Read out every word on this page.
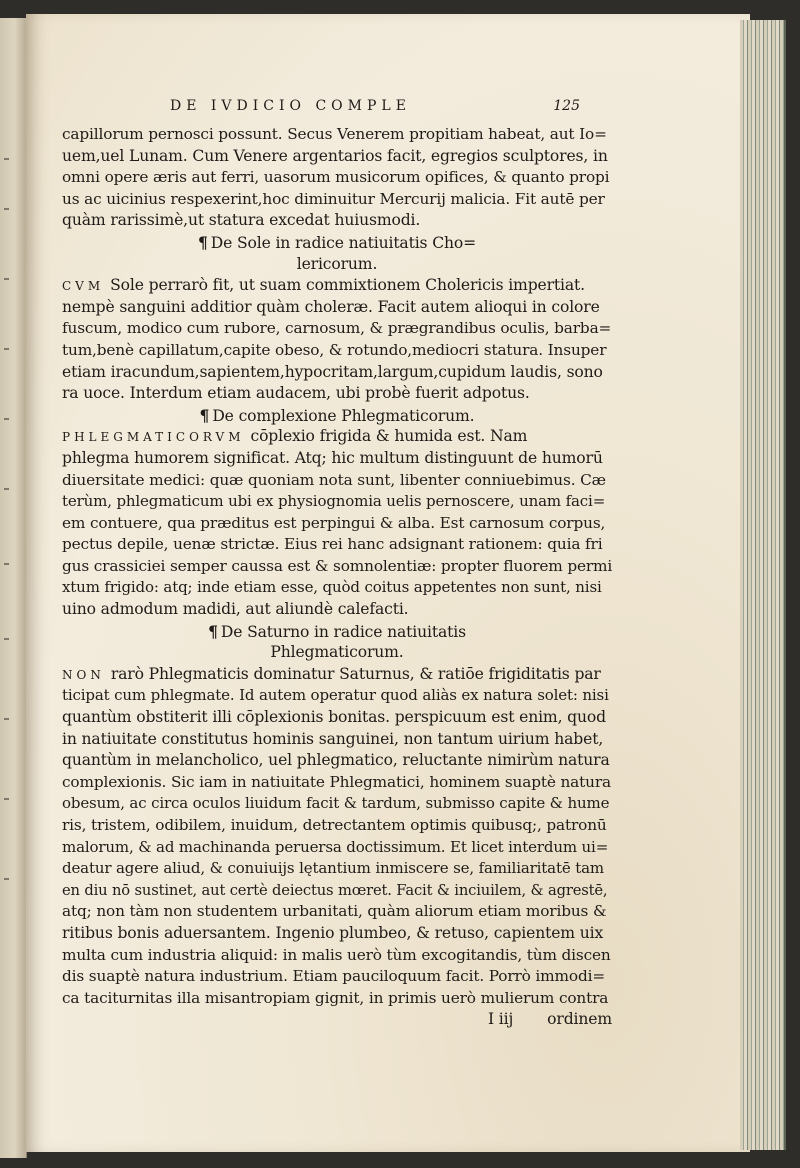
DE IVDICIO COMPLE	125
capillorum pernosci possunt. Secus Venerem propitiam habeat, aut Io=
uem,uel Lunam. Cum Venere argentarios facit, egregios sculptores, in
omni opere æris aut ferri, uasorum musicorum opifices, & quanto propi
us ac uicinius respexerint,hoc diminuitur Mercurij malicia. Fit autē per
quàm rarissimè,ut statura excedat huiusmodi.
¶ De Sole in radice natiuitatis Cho=
lericorum.
CVM Sole perrarò fit, ut suam commixtionem Cholericis impertiat.
nempè sanguini additior quàm choleræ. Facit autem alioqui in colore
fuscum, modico cum rubore, carnosum, & prægrandibus oculis, barba=
tum,benè capillatum,capite obeso, & rotundo,mediocri statura. Insuper
etiam iracundum,sapientem,hypocritam,largum,cupidum laudis, sono
ra uoce. Interdum etiam audacem, ubi probè fuerit adpotus.
¶ De complexione Phlegmaticorum.
PHLEGMATICORVM cōplexio frigida & humida est. Nam
phlegma humorem significat. Atq; hic multum distinguunt de humorū
diuersitate medici: quæ quoniam nota sunt, libenter conniuebimus. Cæ
terùm, phlegmaticum ubi ex physiognomia uelis pernoscere, unam faci=
em contuere, qua præditus est perpingui & alba. Est carnosum corpus,
pectus depile, uenæ strictæ. Eius rei hanc adsignant rationem: quia fri
gus crassiciei semper caussa est & somnolentiæ: propter fluorem permi
xtum frigido: atq; inde etiam esse, quòd coitus appetentes non sunt, nisi
uino admodum madidi, aut aliundè calefacti.
¶ De Saturno in radice natiuitatis
Phlegmaticorum.
NON rarò Phlegmaticis dominatur Saturnus, & ratiōe frigiditatis par
ticipat cum phlegmate. Id autem operatur quod aliàs ex natura solet: nisi
quantùm obstiterit illi cōplexionis bonitas. perspicuum est enim, quod
in natiuitate constitutus hominis sanguinei, non tantum uirium habet,
quantùm in melancholico, uel phlegmatico, reluctante nimirùm natura
complexionis. Sic iam in natiuitate Phlegmatici, hominem suaptè natura
obesum, ac circa oculos liuidum facit & tardum, submisso capite & hume
ris, tristem, odibilem, inuidum, detrectantem optimis quibusq;, patronū
malorum, & ad machinanda peruersa doctissimum. Et licet interdum ui=
deatur agere aliud, & conuiuijs lętantium inmiscere se, familiaritatē tam
en diu nō sustinet, aut certè deiectus mœret. Facit & inciuilem, & agrestē,
atq; non tàm non studentem urbanitati, quàm aliorum etiam moribus &
ritibus bonis aduersantem. Ingenio plumbeo, & retuso, capientem uix
multa cum industria aliquid: in malis uerò tùm excogitandis, tùm discen
dis suaptè natura industrium. Etiam pauciloquum facit. Porrò immodi=
ca taciturnitas illa misantropiam gignit, in primis uerò mulierum contra
I iij ordinem
